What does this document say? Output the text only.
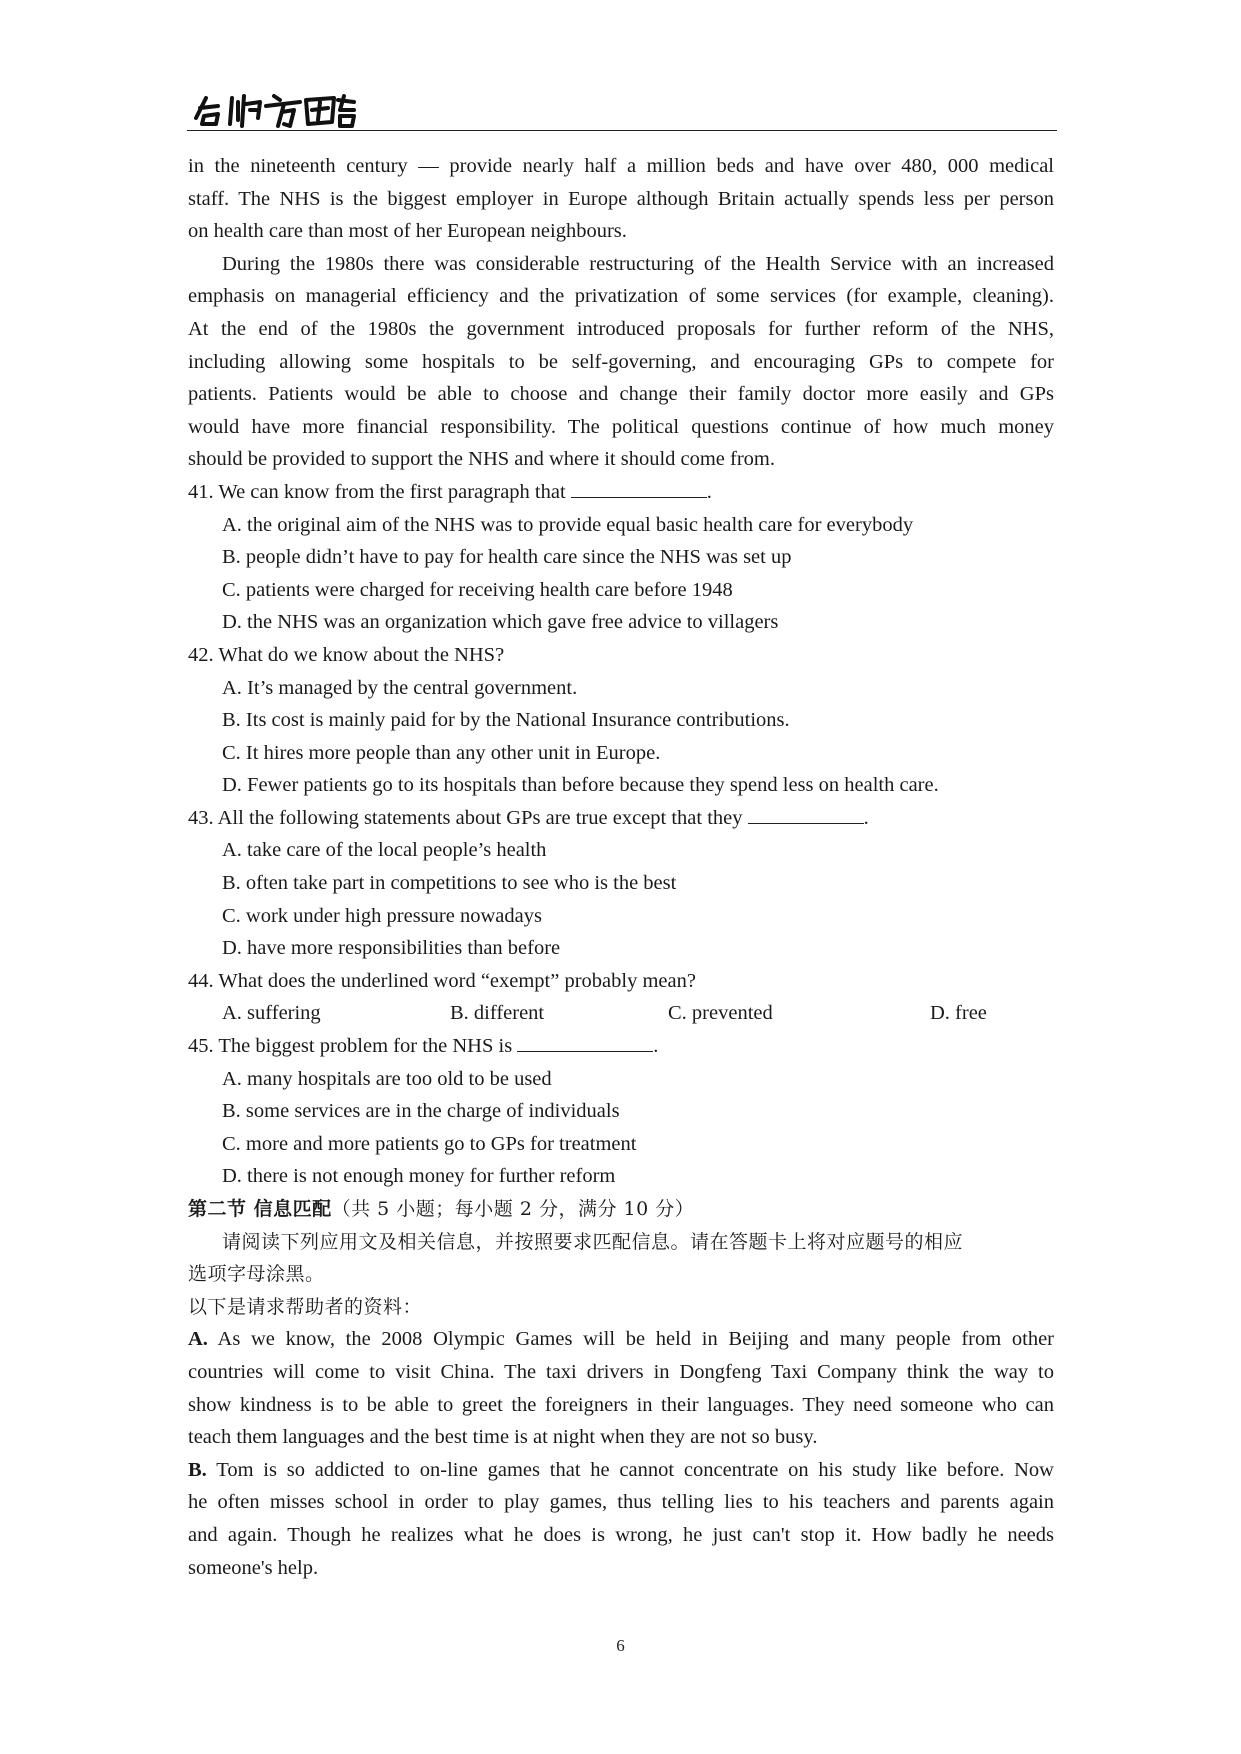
in the nineteenth century — provide nearly half a million beds and have over 480, 000 medical
staff. The NHS is the biggest employer in Europe although Britain actually spends less per person
on health care than most of her European neighbours.
During the 1980s there was considerable restructuring of the Health Service with an increased
emphasis on managerial efficiency and the privatization of some services (for example, cleaning).
At the end of the 1980s the government introduced proposals for further reform of the NHS,
including allowing some hospitals to be self-governing, and encouraging GPs to compete for
patients. Patients would be able to choose and change their family doctor more easily and GPs
would have more financial responsibility. The political questions continue of how much money
should be provided to support the NHS and where it should come from.
41. We can know from the first paragraph that	.
A. the original aim of the NHS was to provide equal basic health care for everybody
B. people didn’t have to pay for health care since the NHS was set up
C. patients were charged for receiving health care before 1948
D. the NHS was an organization which gave free advice to villagers
42. What do we know about the NHS?
A. It’s managed by the central government.
B. Its cost is mainly paid for by the National Insurance contributions.
C. It hires more people than any other unit in Europe.
D. Fewer patients go to its hospitals than before because they spend less on health care.
43. All the following statements about GPs are true except that they	.
A. take care of the local people’s health
B. often take part in competitions to see who is the best
C. work under high pressure nowadays
D. have more responsibilities than before
44. What does the underlined word “exempt” probably mean?
A. suffering	B. different	C. prevented	D. free
45. The biggest problem for the NHS is	.
A. many hospitals are too old to be used
B. some services are in the charge of individuals
C. more and more patients go to GPs for treatment
D. there is not enough money for further reform
第二节 信息匹配（共 5 小题；每小题 2 分，满分 10 分）
请阅读下列应用文及相关信息，并按照要求匹配信息。请在答题卡上将对应题号的相应
选项字母涂黑。
以下是请求帮助者的资料：
A. As we know, the 2008 Olympic Games will be held in Beijing and many people from other
countries will come to visit China. The taxi drivers in Dongfeng Taxi Company think the way to
show kindness is to be able to greet the foreigners in their languages. They need someone who can
teach them languages and the best time is at night when they are not so busy.
B. Tom is so addicted to on-line games that he cannot concentrate on his study like before. Now
he often misses school in order to play games, thus telling lies to his teachers and parents again
and again. Though he realizes what he does is wrong, he just can't stop it. How badly he needs
someone's help.
6
